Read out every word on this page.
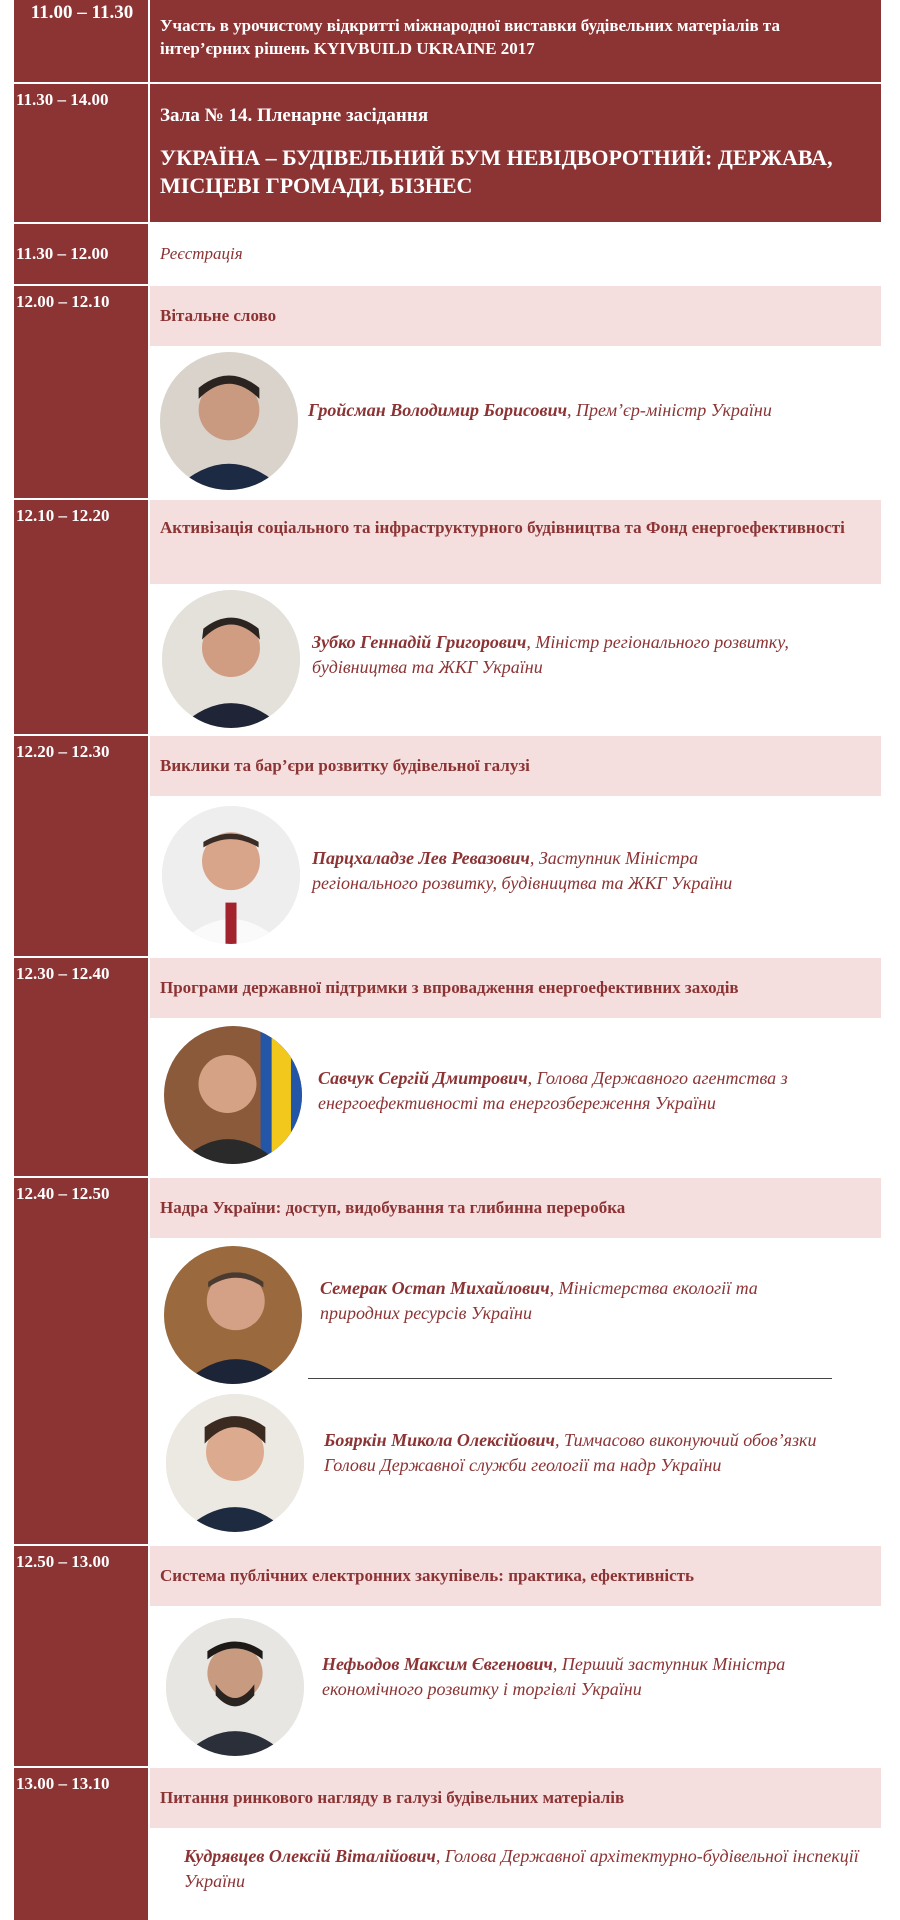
11.00 – 11.30
Участь в урочистому відкритті міжнародної виставки будівельних матеріалів та інтер’єрних рішень KYIVBUILD UKRAINE 2017
11.30 – 14.00
Зала № 14. Пленарне засідання
УКРАЇНА – БУДІВЕЛЬНИЙ БУМ НЕВІДВОРОТНИЙ: ДЕРЖАВА, МІСЦЕВІ ГРОМАДИ, БІЗНЕС
11.30 – 12.00	Реєстрація
12.00 – 12.10
Вітальне слово
Гройсман Володимир Борисович, Прем’єр-міністр України
12.10 – 12.20
Активізація соціального та інфраструктурного будівництва та Фонд енергоефективності
Зубко Геннадій Григорович, Міністр регіонального розвитку, будівництва та ЖКГ України
12.20 – 12.30
Виклики та бар’єри розвитку будівельної галузі
Парцхаладзе Лев Ревазович, Заступник Міністра регіонального розвитку, будівництва та ЖКГ України
12.30 – 12.40
Програми державної підтримки з впровадження енергоефективних заходів
Савчук Сергій Дмитрович, Голова Державного агентства з енергоефективності та енергозбереження України
12.40 – 12.50
Надра України: доступ, видобування та глибинна переробка
Семерак Остап Михайлович, Міністерства екології та природних ресурсів України
Бояркін Микола Олексійович, Тимчасово виконуючий обов’язки Голови Державної служби геології та надр України
12.50 – 13.00
Система публічних електронних закупівель: практика, ефективність
Нефьодов Максим Євгенович, Перший заступник Міністра економічного розвитку і торгівлі України
13.00 – 13.10
Питання ринкового нагляду в галузі будівельних матеріалів
Кудрявцев Олексій Віталійович, Голова Державної архітектурно-будівельної інспекції України
